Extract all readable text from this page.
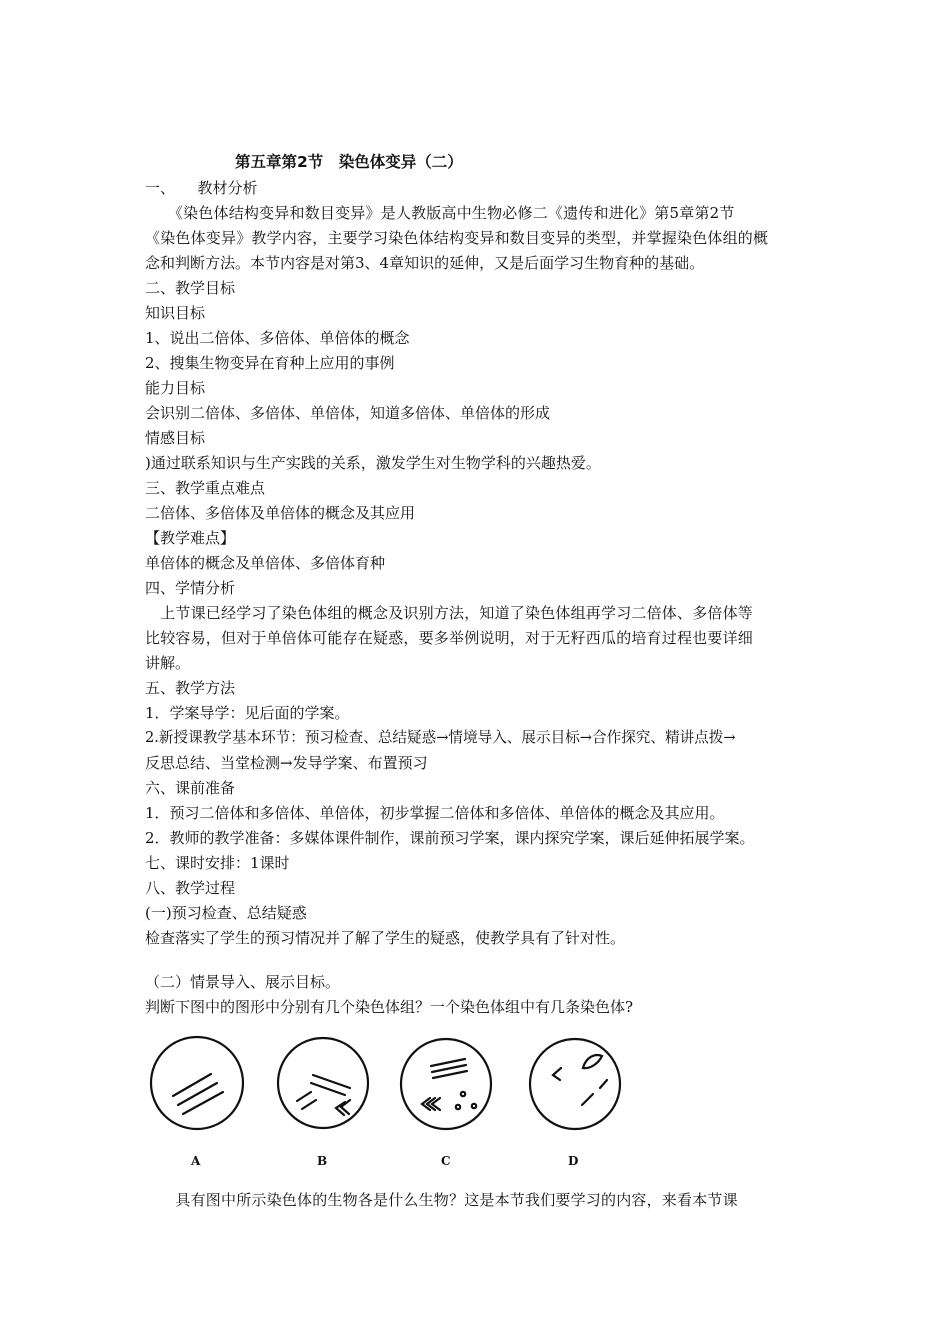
第五章第2节　染色体变异（二）
一、　　教材分析
　　《染色体结构变异和数目变异》是人教版高中生物必修二《遗传和进化》第5章第2节
《染色体变异》教学内容，主要学习染色体结构变异和数目变异的类型，并掌握染色体组的概
念和判断方法。本节内容是对第3、4章知识的延伸，又是后面学习生物育种的基础。
二、教学目标
知识目标
1、说出二倍体、多倍体、单倍体的概念
2、搜集生物变异在育种上应用的事例
能力目标
会识别二倍体、多倍体、单倍体，知道多倍体、单倍体的形成
情感目标
)通过联系知识与生产实践的关系，激发学生对生物学科的兴趣热爱。
三、教学重点难点
二倍体、多倍体及单倍体的概念及其应用
【教学难点】
单倍体的概念及单倍体、多倍体育种
四、学情分析
　上节课已经学习了染色体组的概念及识别方法，知道了染色体组再学习二倍体、多倍体等
比较容易，但对于单倍体可能存在疑惑，要多举例说明，对于无籽西瓜的培育过程也要详细
讲解。
五、教学方法
1．学案导学：见后面的学案。
2.新授课教学基本环节：预习检查、总结疑惑→情境导入、展示目标→合作探究、精讲点拨→
反思总结、当堂检测→发导学案、布置预习
六、课前准备
1．预习二倍体和多倍体、单倍体，初步掌握二倍体和多倍体、单倍体的概念及其应用。
2．教师的教学准备：多媒体课件制作，课前预习学案，课内探究学案，课后延伸拓展学案。
七、课时安排：1课时
八、教学过程
(一)预习检查、总结疑惑
检查落实了学生的预习情况并了解了学生的疑惑，使教学具有了针对性。
（二）情景导入、展示目标。
判断下图中的图形中分别有几个染色体组？一个染色体组中有几条染色体?
A	B	C	D
　　具有图中所示染色体的生物各是什么生物？这是本节我们要学习的内容，来看本节课
